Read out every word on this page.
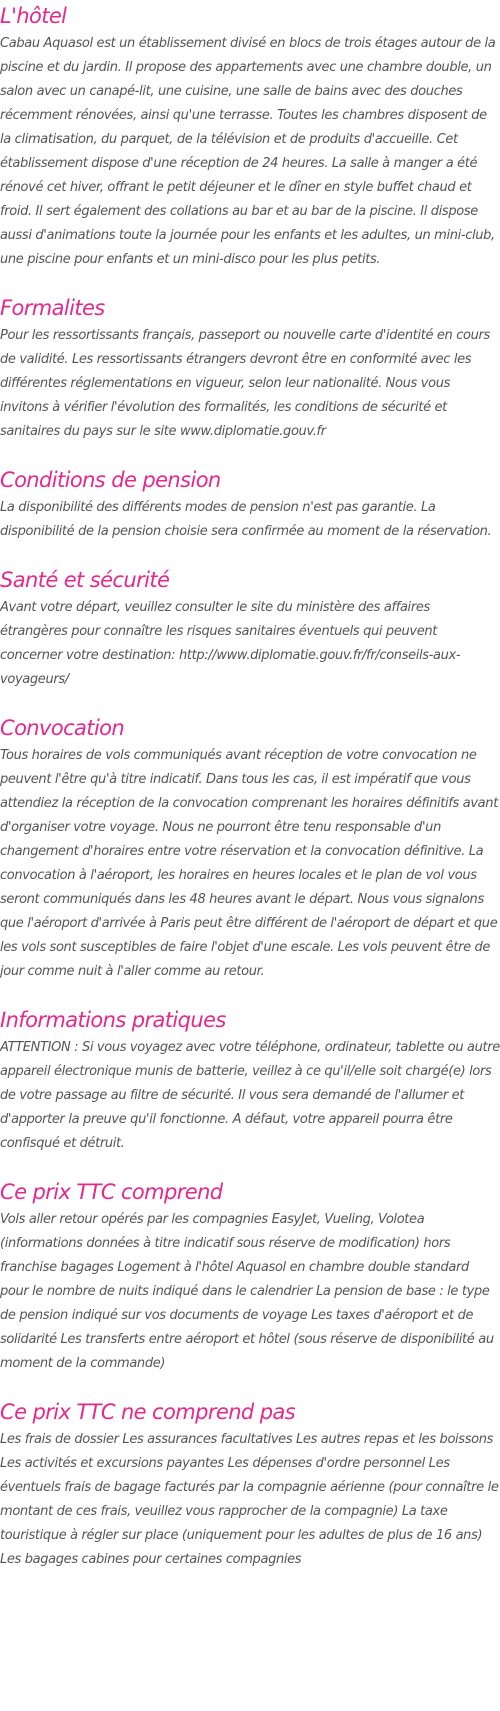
L'hôtel

Cabau Aquasol est un établissement divisé en blocs de trois étages autour de la piscine et du jardin. Il propose des appartements avec une chambre double, un salon avec un canapé-lit, une cuisine, une salle de bains avec des douches récemment rénovées, ainsi qu'une terrasse. Toutes les chambres disposent de la climatisation, du parquet, de la télévision et de produits d'accueille. Cet établissement dispose d'une réception de 24 heures. La salle à manger a été rénové cet hiver, offrant le petit déjeuner et le dîner en style buffet chaud et froid. Il sert également des collations au bar et au bar de la piscine. Il dispose aussi d'animations toute la journée pour les enfants et les adultes, un mini-club, une piscine pour enfants et un mini-disco pour les plus petits.

Formalites

Pour les ressortissants français, passeport ou nouvelle carte d'identité en cours de validité. Les ressortissants étrangers devront être en conformité avec les différentes réglementations en vigueur, selon leur nationalité. Nous vous invitons à vérifier l'évolution des formalités, les conditions de sécurité et sanitaires du pays sur le site www.diplomatie.gouv.fr

Conditions de pension

La disponibilité des différents modes de pension n'est pas garantie. La disponibilité de la pension choisie sera confirmée au moment de la réservation.

Santé et sécurité

Avant votre départ, veuillez consulter le site du ministère des affaires étrangères pour connaître les risques sanitaires éventuels qui peuvent concerner votre destination: http://www.diplomatie.gouv.fr/fr/conseils-aux-voyageurs/

Convocation

Tous horaires de vols communiqués avant réception de votre convocation ne peuvent l'être qu'à titre indicatif. Dans tous les cas, il est impératif que vous attendiez la réception de la convocation comprenant les horaires définitifs avant d'organiser votre voyage. Nous ne pourront être tenu responsable d'un changement d'horaires entre votre réservation et la convocation définitive. La convocation à l'aéroport, les horaires en heures locales et le plan de vol vous seront communiqués dans les 48 heures avant le départ. Nous vous signalons que l'aéroport d'arrivée à Paris peut être différent de l'aéroport de départ et que les vols sont susceptibles de faire l'objet d'une escale. Les vols peuvent être de jour comme nuit à l'aller comme au retour.

Informations pratiques

ATTENTION : Si vous voyagez avec votre téléphone, ordinateur, tablette ou autre appareil électronique munis de batterie, veillez à ce qu'il/elle soit chargé(e) lors de votre passage au filtre de sécurité. Il vous sera demandé de l'allumer et d'apporter la preuve qu'il fonctionne. A défaut, votre appareil pourra être confisqué et détruit.

Ce prix TTC comprend

Vols aller retour opérés par les compagnies EasyJet, Vueling, Volotea (informations données à titre indicatif sous réserve de modification) hors franchise bagages Logement à l'hôtel Aquasol en chambre double standard pour le nombre de nuits indiqué dans le calendrier La pension de base : le type de pension indiqué sur vos documents de voyage Les taxes d'aéroport et de solidarité Les transferts entre aéroport et hôtel (sous réserve de disponibilité au moment de la commande)

Ce prix TTC ne comprend pas

Les frais de dossier Les assurances facultatives Les autres repas et les boissons Les activités et excursions payantes Les dépenses d'ordre personnel Les éventuels frais de bagage facturés par la compagnie aérienne (pour connaître le montant de ces frais, veuillez vous rapprocher de la compagnie) La taxe touristique à régler sur place (uniquement pour les adultes de plus de 16 ans) Les bagages cabines pour certaines compagnies
